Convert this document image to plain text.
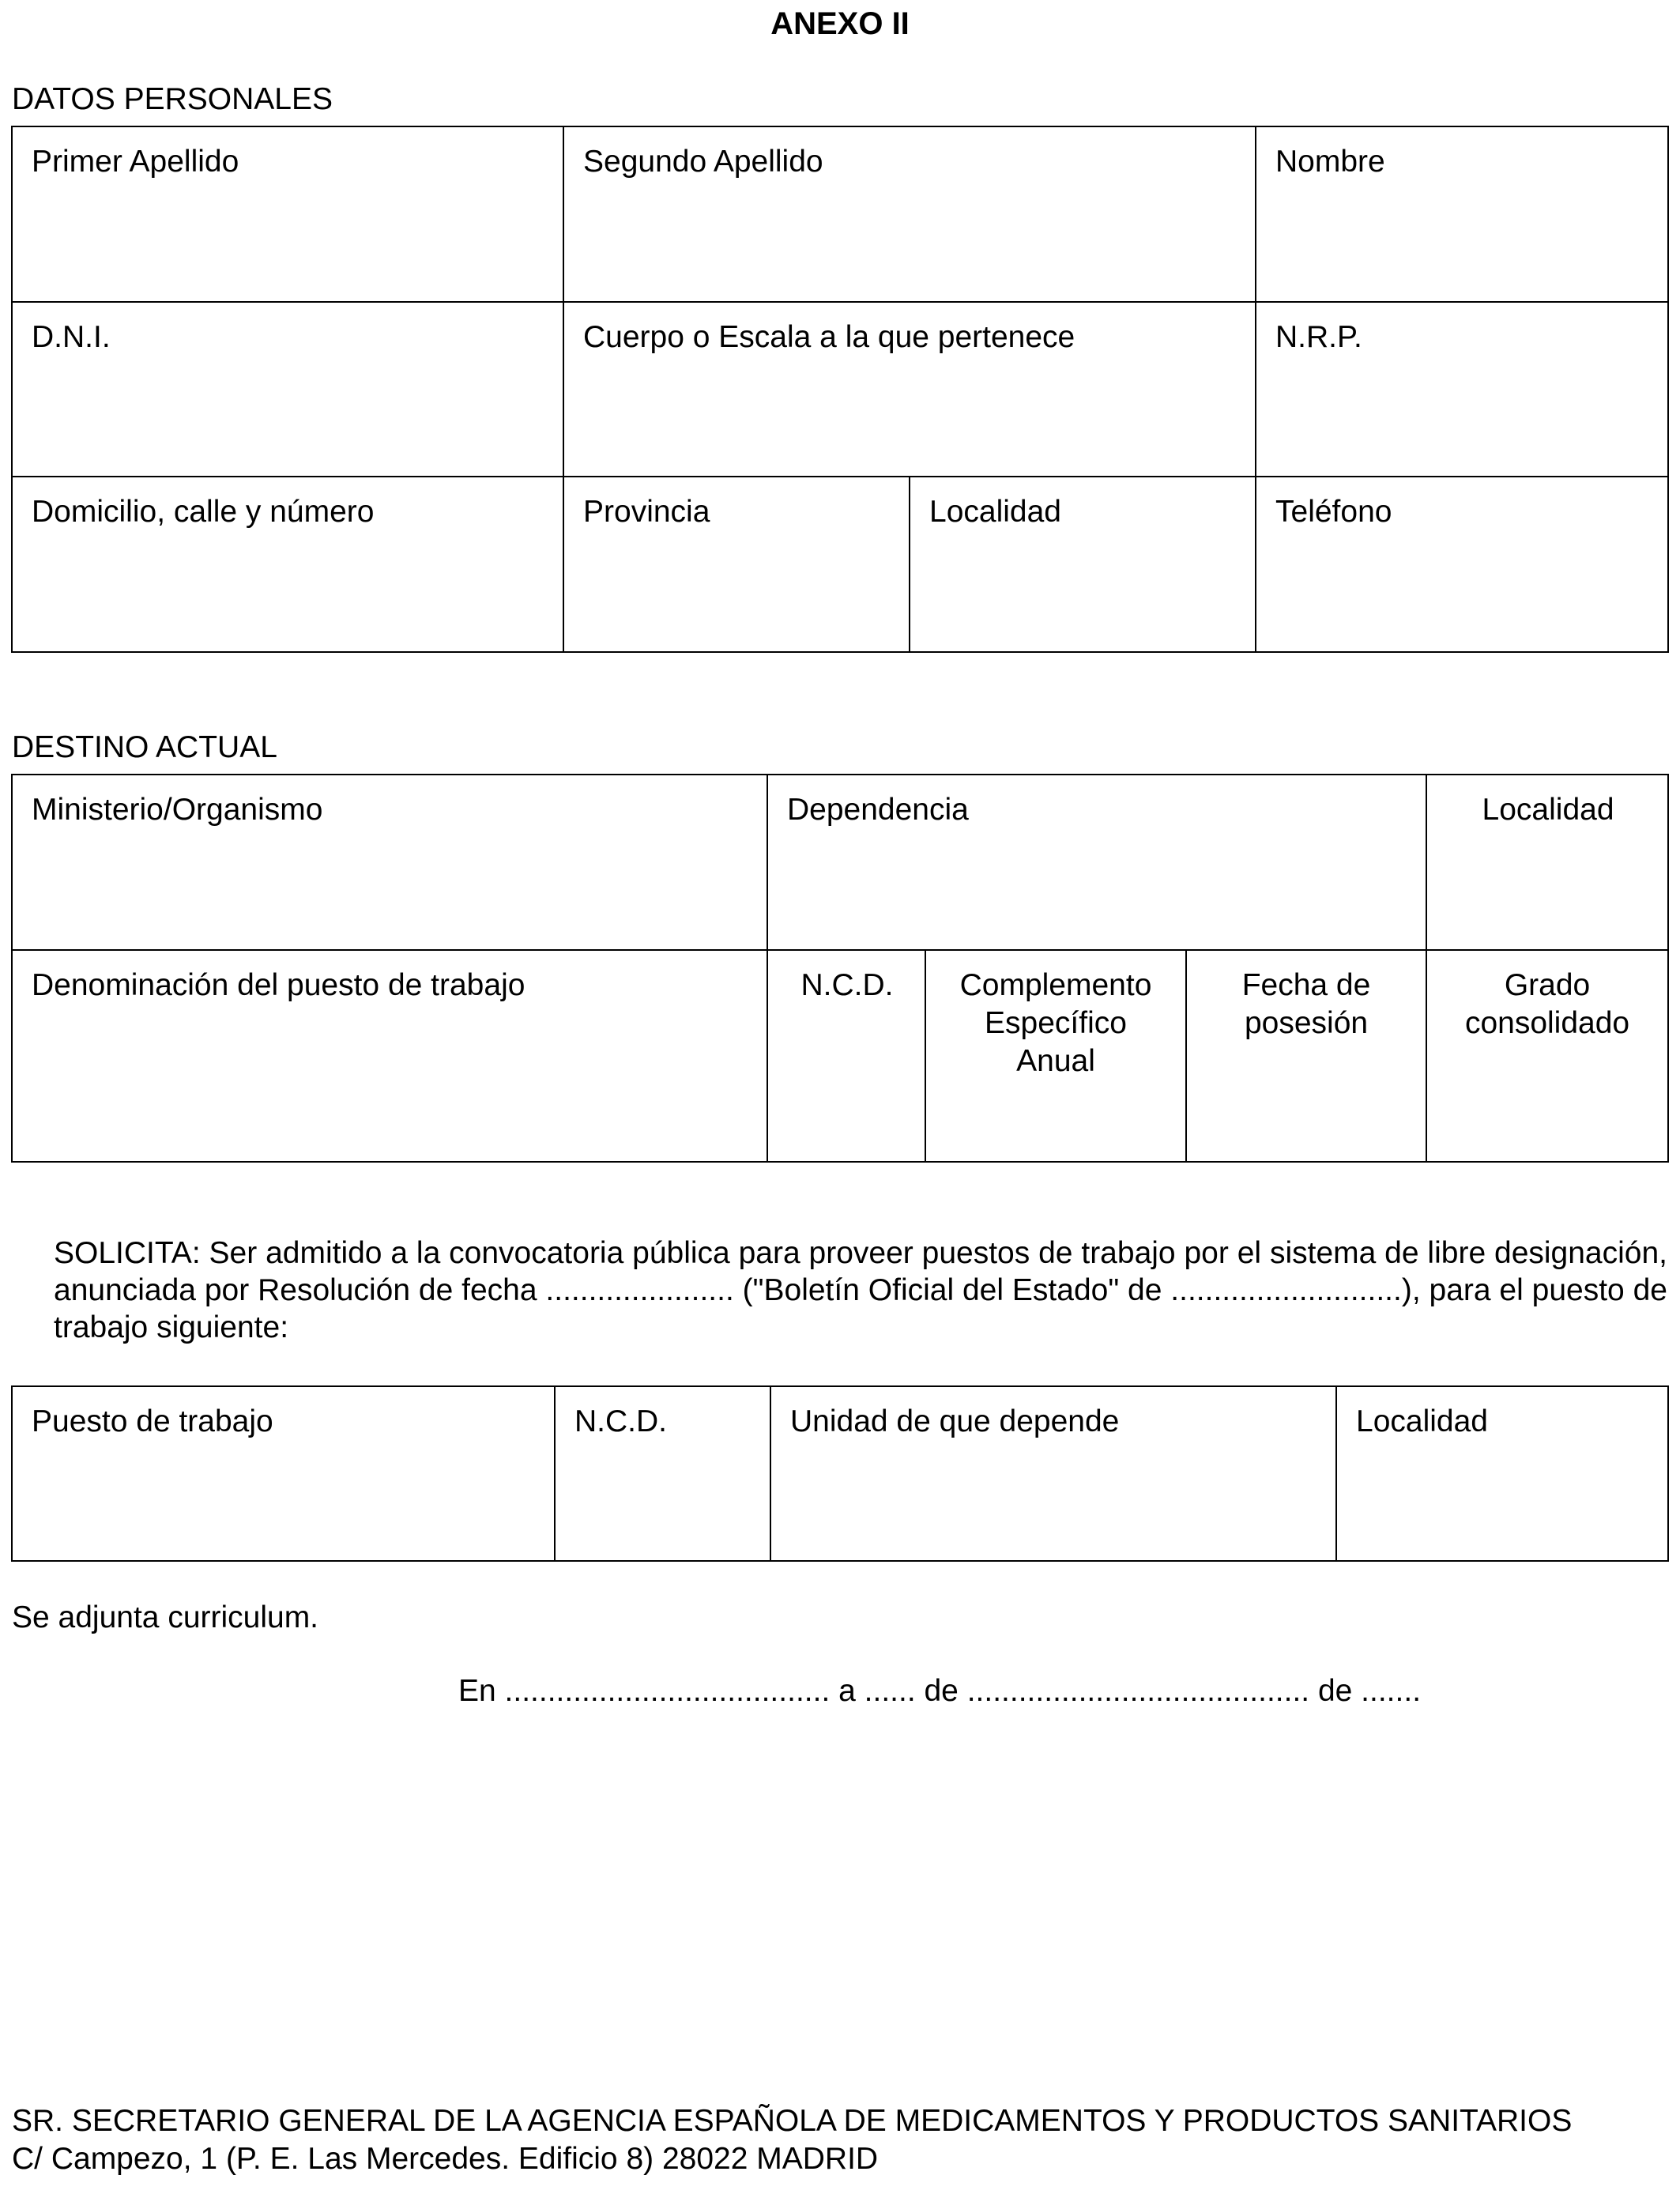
ANEXO II
DATOS PERSONALES
Primer Apellido	Segundo Apellido		Nombre
D.N.I.	Cuerpo o Escala a la que pertenece		N.R.P.
Domicilio, calle y número	Provincia	Localidad	Teléfono
DESTINO ACTUAL
Ministerio/Organismo	Dependencia			Localidad
Denominación del puesto de trabajo	N.C.D.	Complemento Específico Anual	Fecha de posesión	Grado consolidado
SOLICITA: Ser admitido a la convocatoria pública para proveer puestos de trabajo por el sistema de libre designación, anunciada por Resolución de fecha ...................... ("Boletín Oficial del Estado" de ...........................), para el puesto de trabajo siguiente:
Puesto de trabajo	N.C.D.	Unidad de que depende	Localidad
Se adjunta curriculum.
En ...................................... a ...... de ........................................ de .......
SR. SECRETARIO GENERAL DE LA AGENCIA ESPAÑOLA DE MEDICAMENTOS Y PRODUCTOS SANITARIOS
C/ Campezo, 1 (P. E. Las Mercedes. Edificio 8) 28022 MADRID
